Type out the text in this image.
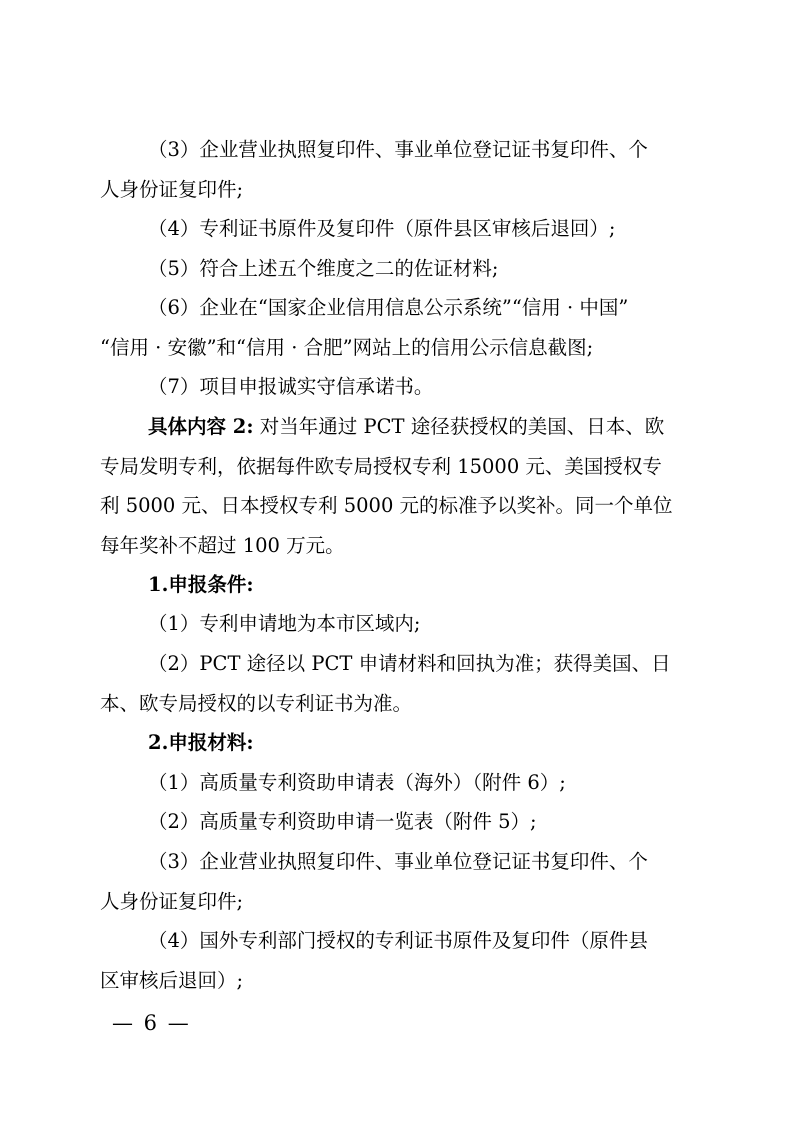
（3）企业营业执照复印件、事业单位登记证书复印件、个
人身份证复印件;
（4）专利证书原件及复印件（原件县区审核后退回）;
（5）符合上述五个维度之二的佐证材料;
（6）企业在“国家企业信用信息公示系统”“信用 · 中国”
“信用 · 安徽”和“信用 · 合肥”网站上的信用公示信息截图;
（7）项目申报诚实守信承诺书。
具体内容 2: 对当年通过 PCT 途径获授权的美国、日本、欧
专局发明专利，依据每件欧专局授权专利 15000 元、美国授权专
利 5000 元、日本授权专利 5000 元的标准予以奖补。同一个单位
每年奖补不超过 100 万元。
1.申报条件:
（1）专利申请地为本市区域内;
（2）PCT 途径以 PCT 申请材料和回执为准；获得美国、日
本、欧专局授权的以专利证书为准。
2.申报材料:
（1）高质量专利资助申请表（海外）（附件 6）;
（2）高质量专利资助申请一览表（附件 5）;
（3）企业营业执照复印件、事业单位登记证书复印件、个
人身份证复印件;
（4）国外专利部门授权的专利证书原件及复印件（原件县
区审核后退回）;
— 6 —
